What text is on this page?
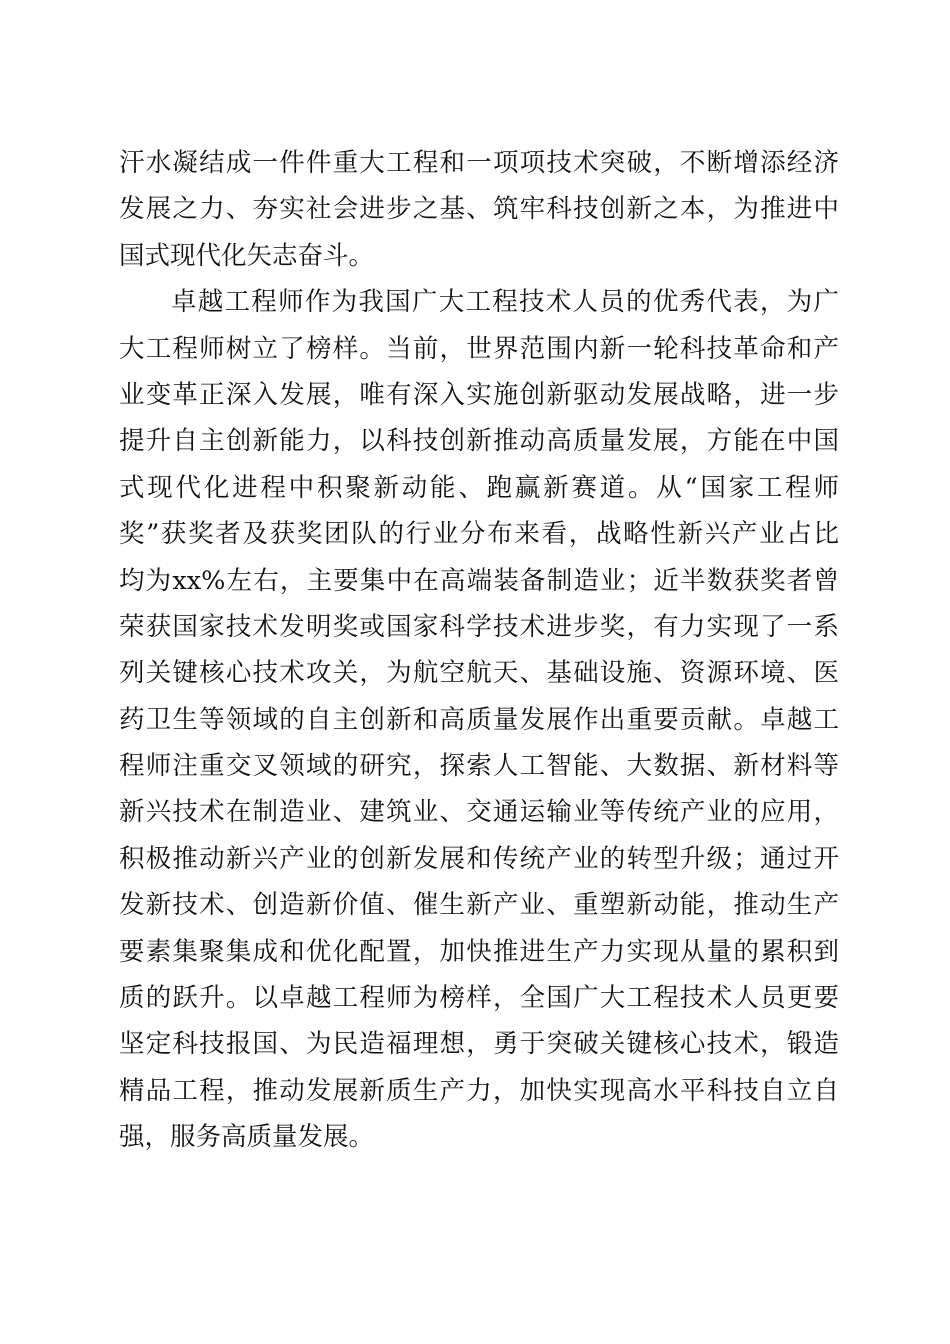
汗水凝结成一件件重大工程和一项项技术突破，不断增添经济
发展之力、夯实社会进步之基、筑牢科技创新之本，为推进中
国式现代化矢志奋斗。
卓越工程师作为我国广大工程技术人员的优秀代表，为广
大工程师树立了榜样。当前，世界范围内新一轮科技革命和产
业变革正深入发展，唯有深入实施创新驱动发展战略，进一步
提升自主创新能力，以科技创新推动高质量发展，方能在中国
式现代化进程中积聚新动能、跑赢新赛道。从“国家工程师
奖”获奖者及获奖团队的行业分布来看，战略性新兴产业占比
均为xx%左右，主要集中在高端装备制造业；近半数获奖者曾
荣获国家技术发明奖或国家科学技术进步奖，有力实现了一系
列关键核心技术攻关，为航空航天、基础设施、资源环境、医
药卫生等领域的自主创新和高质量发展作出重要贡献。卓越工
程师注重交叉领域的研究，探索人工智能、大数据、新材料等
新兴技术在制造业、建筑业、交通运输业等传统产业的应用，
积极推动新兴产业的创新发展和传统产业的转型升级；通过开
发新技术、创造新价值、催生新产业、重塑新动能，推动生产
要素集聚集成和优化配置，加快推进生产力实现从量的累积到
质的跃升。以卓越工程师为榜样，全国广大工程技术人员更要
坚定科技报国、为民造福理想，勇于突破关键核心技术，锻造
精品工程，推动发展新质生产力，加快实现高水平科技自立自
强，服务高质量发展。
